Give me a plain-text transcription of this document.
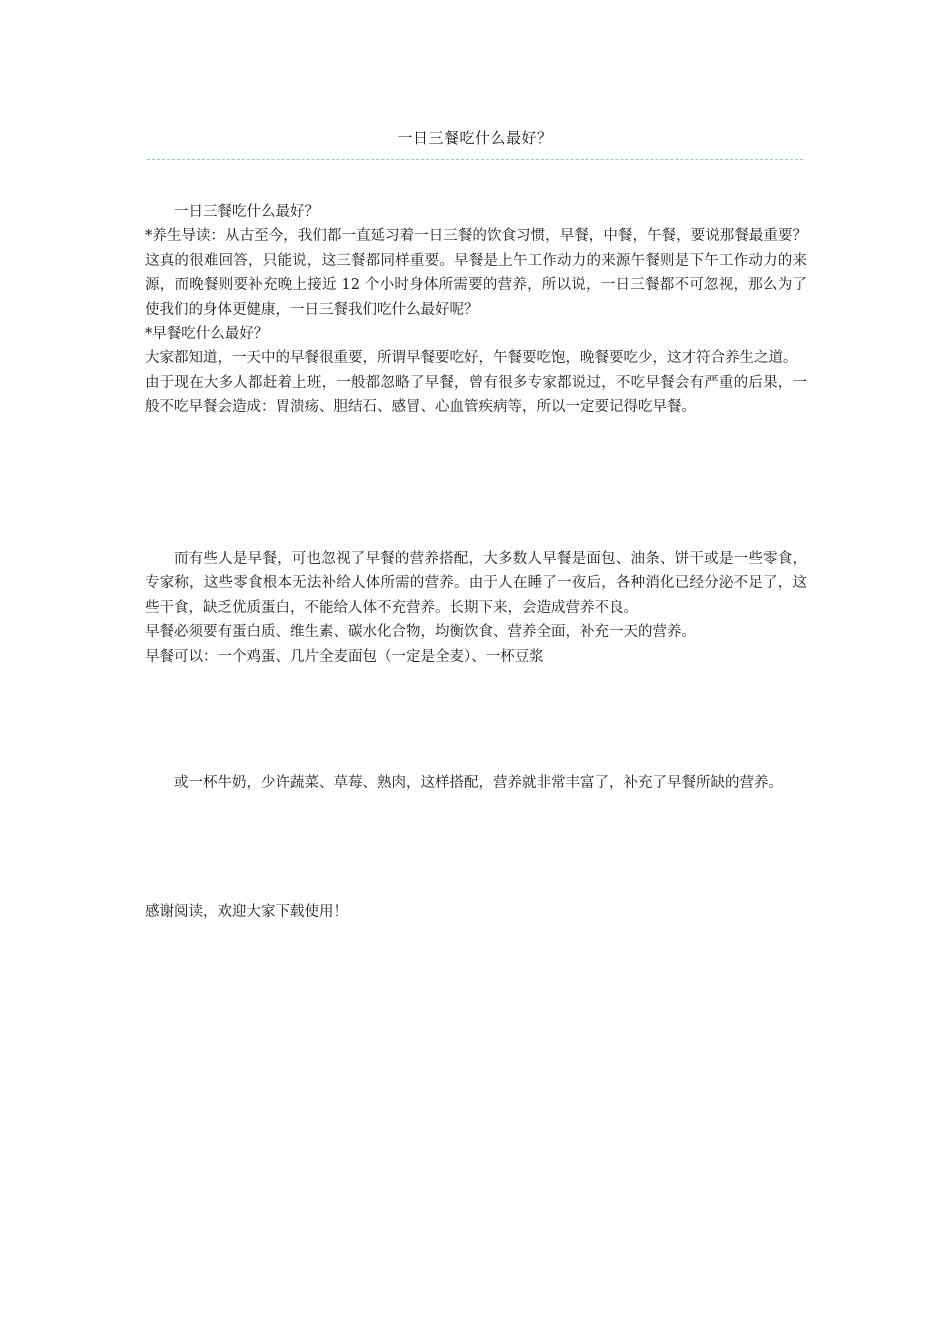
一日三餐吃什么最好？

一日三餐吃什么最好？

*养生导读：从古至今，我们都一直延习着一日三餐的饮食习惯，早餐，中餐，午餐，要说那餐最重要？这真的很难回答，只能说，这三餐都同样重要。早餐是上午工作动力的来源午餐则是下午工作动力的来源，而晚餐则要补充晚上接近 12 个小时身体所需要的营养，所以说，一日三餐都不可忽视，那么为了使我们的身体更健康，一日三餐我们吃什么最好呢？

*早餐吃什么最好？

大家都知道，一天中的早餐很重要，所谓早餐要吃好，午餐要吃饱，晚餐要吃少，这才符合养生之道。

由于现在大多人都赶着上班，一般都忽略了早餐，曾有很多专家都说过，不吃早餐会有严重的后果，一般不吃早餐会造成：胃溃疡、胆结石、感冒、心血管疾病等，所以一定要记得吃早餐。

而有些人是早餐，可也忽视了早餐的营养搭配，大多数人早餐是面包、油条、饼干或是一些零食，专家称，这些零食根本无法补给人体所需的营养。由于人在睡了一夜后，各种消化已经分泌不足了，这些干食，缺乏优质蛋白，不能给人体不充营养。长期下来，会造成营养不良。

早餐必须要有蛋白质、维生素、碳水化合物，均衡饮食、营养全面，补充一天的营养。

早餐可以：一个鸡蛋、几片全麦面包（一定是全麦）、一杯豆浆

或一杯牛奶，少许蔬菜、草莓、熟肉，这样搭配，营养就非常丰富了，补充了早餐所缺的营养。

感谢阅读，欢迎大家下载使用！
